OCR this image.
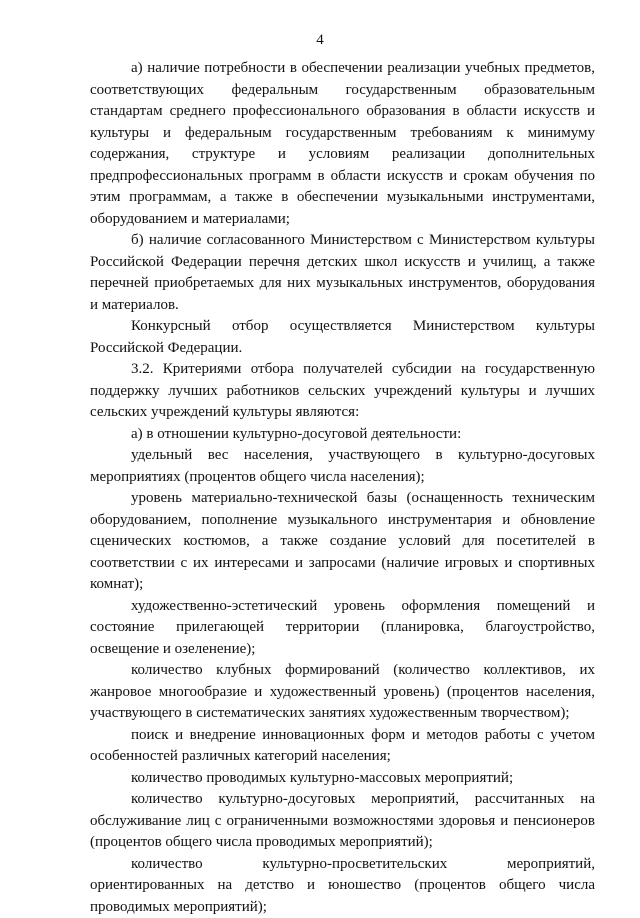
4

а) наличие потребности в обеспечении реализации учебных предметов, соответствующих федеральным государственным образовательным стандартам среднего профессионального образования в области искусств и культуры и федеральным государственным требованиям к минимуму содержания, структуре и условиям реализации дополнительных предпрофессиональных программ в области искусств и срокам обучения по этим программам, а также в обеспечении музыкальными инструментами, оборудованием и материалами;

б) наличие согласованного Министерством с Министерством культуры Российской Федерации перечня детских школ искусств и училищ, а также перечней приобретаемых для них музыкальных инструментов, оборудования и материалов.

Конкурсный отбор осуществляется Министерством культуры Российской Федерации.

3.2. Критериями отбора получателей субсидии на государственную поддержку лучших работников сельских учреждений культуры и лучших сельских учреждений культуры являются:

а) в отношении культурно-досуговой деятельности:

удельный вес населения, участвующего в культурно-досуговых мероприятиях (процентов общего числа населения);

уровень материально-технической базы (оснащенность техническим оборудованием, пополнение музыкального инструментария и обновление сценических костюмов, а также создание условий для посетителей в соответствии с их интересами и запросами (наличие игровых и спортивных комнат);

художественно-эстетический уровень оформления помещений и состояние прилегающей территории (планировка, благоустройство, освещение и озеленение);

количество клубных формирований (количество коллективов, их жанровое многообразие и художественный уровень) (процентов населения, участвующего в систематических занятиях художественным творчеством);

поиск и внедрение инновационных форм и методов работы с учетом особенностей различных категорий населения;

количество проводимых культурно-массовых мероприятий;

количество культурно-досуговых мероприятий, рассчитанных на обслуживание лиц с ограниченными возможностями здоровья и пенсионеров (процентов общего числа проводимых мероприятий);

количество культурно-просветительских мероприятий, ориентированных на детство и юношество (процентов общего числа проводимых мероприятий);
